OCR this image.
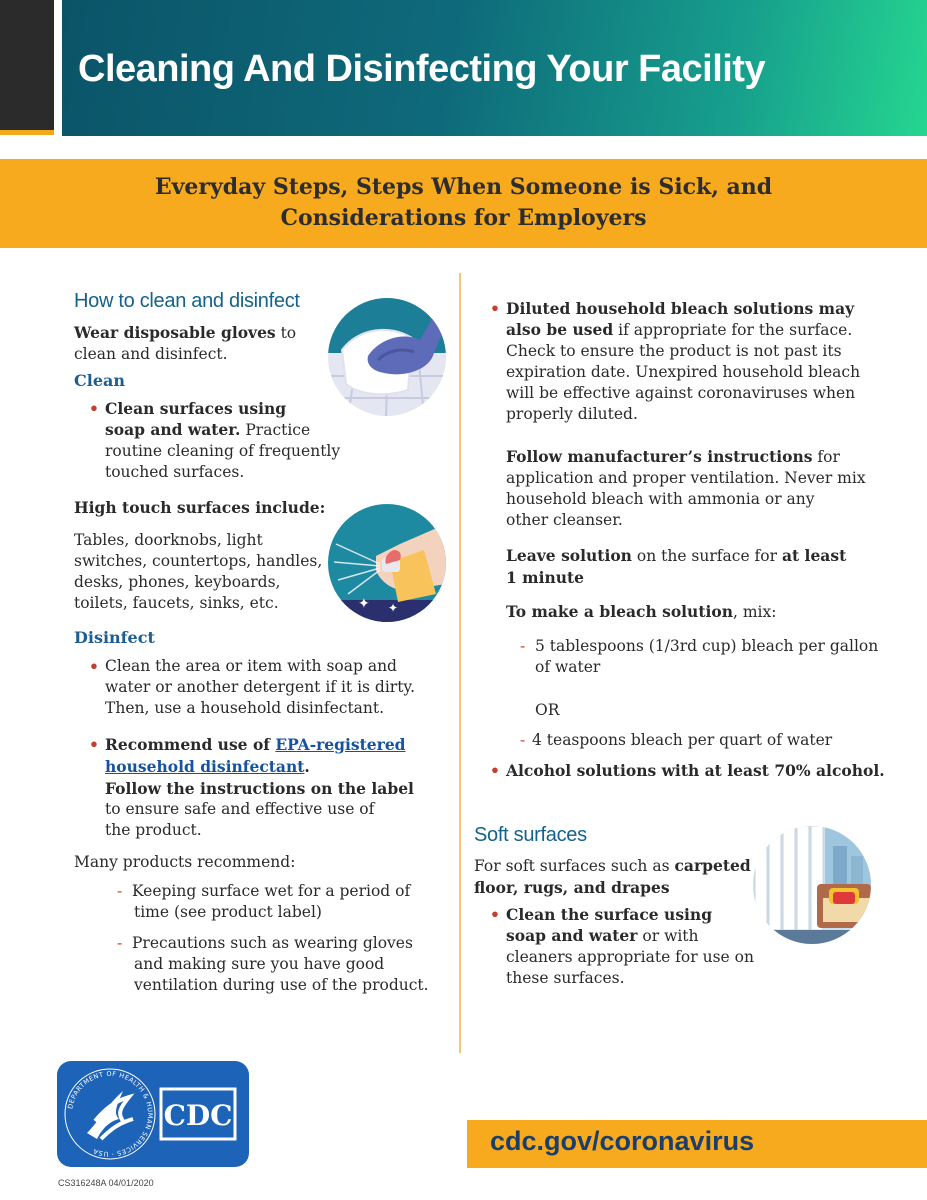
Cleaning And Disinfecting Your Facility
Everyday Steps, Steps When Someone is Sick, and
Considerations for Employers
How to clean and disinfect
Wear disposable gloves to
clean and disinfect.
Clean
• Clean surfaces using
soap and water. Practice
routine cleaning of frequently
touched surfaces.
High touch surfaces include:
Tables, doorknobs, light
switches, countertops, handles,
desks, phones, keyboards,
toilets, faucets, sinks, etc.	✦ ✦
Disinfect
• Clean the area or item with soap and
water or another detergent if it is dirty.
Then, use a household disinfectant.
• Recommend use of EPA-registered
household disinfectant.
Follow the instructions on the label
to ensure safe and effective use of
the product.
Many products recommend:
- Keeping surface wet for a period of
time (see product label)
- Precautions such as wearing gloves
and making sure you have good
ventilation during use of the product.
• Diluted household bleach solutions may
also be used if appropriate for the surface.
Check to ensure the product is not past its
expiration date. Unexpired household bleach
will be effective against coronaviruses when
properly diluted.
Follow manufacturer’s instructions for
application and proper ventilation. Never mix
household bleach with ammonia or any
other cleanser.
Leave solution on the surface for at least
1 minute
To make a bleach solution, mix:
- 5 tablespoons (1/3rd cup) bleach per gallon
of water
OR
- 4 teaspoons bleach per quart of water
• Alcohol solutions with at least 70% alcohol.
Soft surfaces
For soft surfaces such as carpeted
floor, rugs, and drapes
• Clean the surface using
soap and water or with
cleaners appropriate for use on
these surfaces.
DEPARTMENT OF HEALTH & HUMAN SERVICES · USA
CDC
cdc.gov/coronavirus
CS316248A 04/01/2020
